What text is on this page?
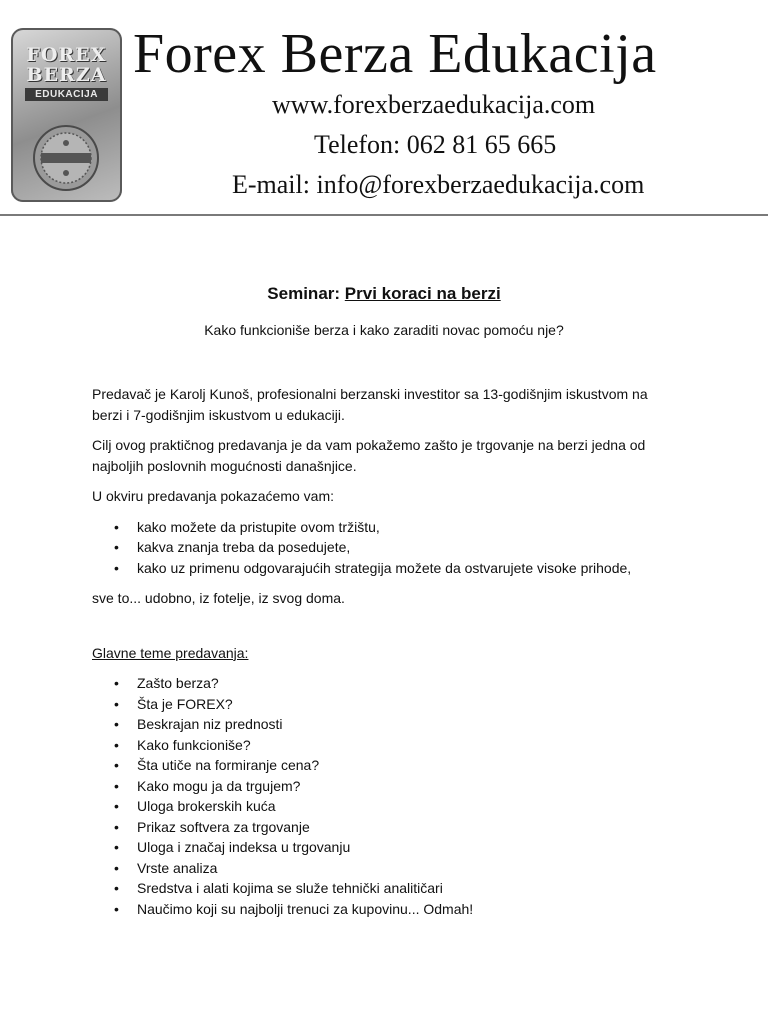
FOREX
BERZA
EDUKACIJA
Forex Berza Edukacija
www.forexberzaedukacija.com
Telefon: 062 81 65 665
E-mail: info@forexberzaedukacija.com
Seminar: Prvi koraci na berzi
Kako funkcioniše berza i kako zaraditi novac pomoću nje?

Predavač je Karolj Kunoš, profesionalni berzanski investitor sa 13-godišnjim iskustvom na berzi i 7-godišnjim iskustvom u edukaciji.

Cilj ovog praktičnog predavanja je da vam pokažemo zašto je trgovanje na berzi jedna od najboljih poslovnih mogućnosti današnjice.

U okviru predavanja pokazaćemo vam:

• kako možete da pristupite ovom tržištu,
• kakva znanja treba da posedujete,
• kako uz primenu odgovarajućih strategija možete da ostvarujete visoke prihode,

sve to... udobno, iz fotelje, iz svog doma.

Glavne teme predavanja:

• Zašto berza?
• Šta je FOREX?
• Beskrajan niz prednosti
• Kako funkcioniše?
• Šta utiče na formiranje cena?
• Kako mogu ja da trgujem?
• Uloga brokerskih kuća
• Prikaz softvera za trgovanje
• Uloga i značaj indeksa u trgovanju
• Vrste analiza
• Sredstva i alati kojima se služe tehnički analitičari
• Naučimo koji su najbolji trenuci za kupovinu... Odmah!
